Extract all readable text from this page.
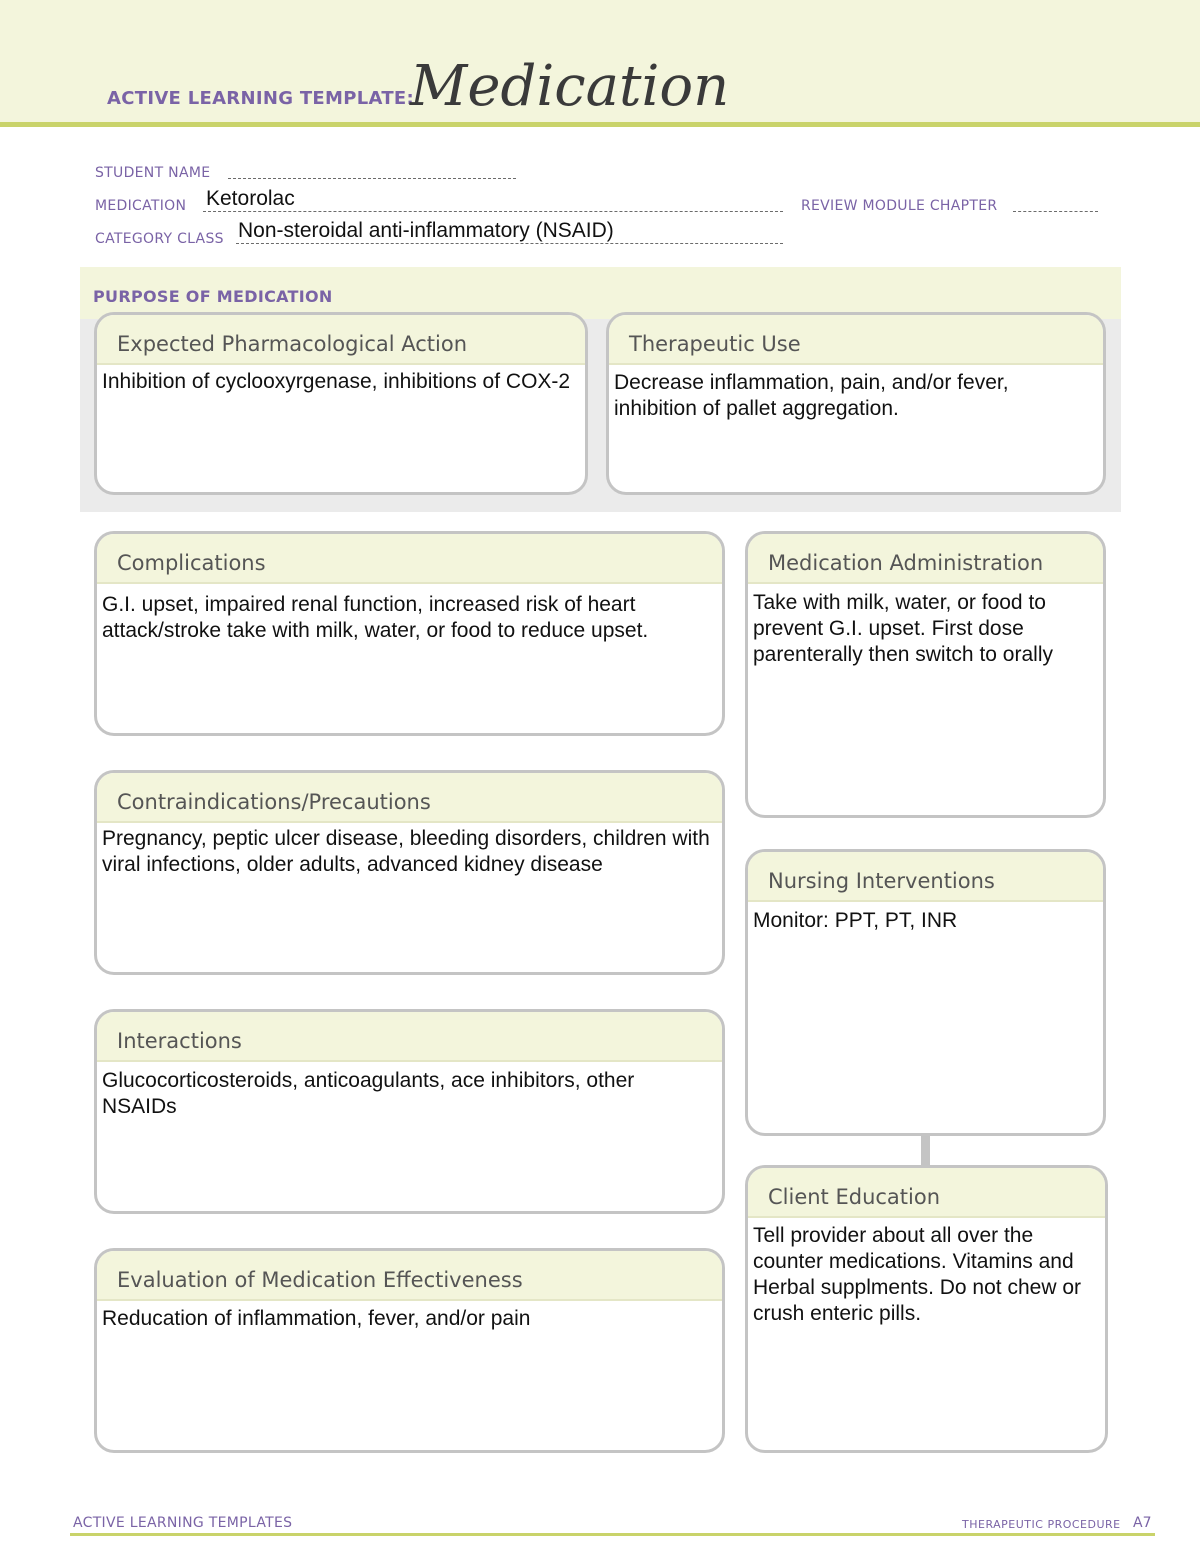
ACTIVE LEARNING TEMPLATE:
Medication
STUDENT NAME
MEDICATION Ketorolac	REVIEW MODULE CHAPTER
CATEGORY CLASS Non-steroidal anti-inflammatory (NSAID)
PURPOSE OF MEDICATION
Expected Pharmacological Action
Inhibition of cyclooxyrgenase, inhibitions of COX-2
Therapeutic Use
Decrease inflammation, pain, and/or fever, inhibition of pallet aggregation.
Complications
G.I. upset, impaired renal function, increased risk of heart attack/stroke take with milk, water, or food to reduce upset.
Contraindications/Precautions
Pregnancy, peptic ulcer disease, bleeding disorders, children with viral infections, older adults, advanced kidney disease
Interactions
Glucocorticosteroids, anticoagulants, ace inhibitors, other NSAIDs
Evaluation of Medication Effectiveness
Reducation of inflammation, fever, and/or pain
Medication Administration
Take with milk, water, or food to prevent G.I. upset. First dose parenterally then switch to orally
Nursing Interventions
Monitor: PPT, PT, INR
Client Education
Tell provider about all over the counter medications. Vitamins and Herbal supplments. Do not chew or crush enteric pills.
ACTIVE LEARNING TEMPLATES	THERAPEUTIC PROCEDURE A7
